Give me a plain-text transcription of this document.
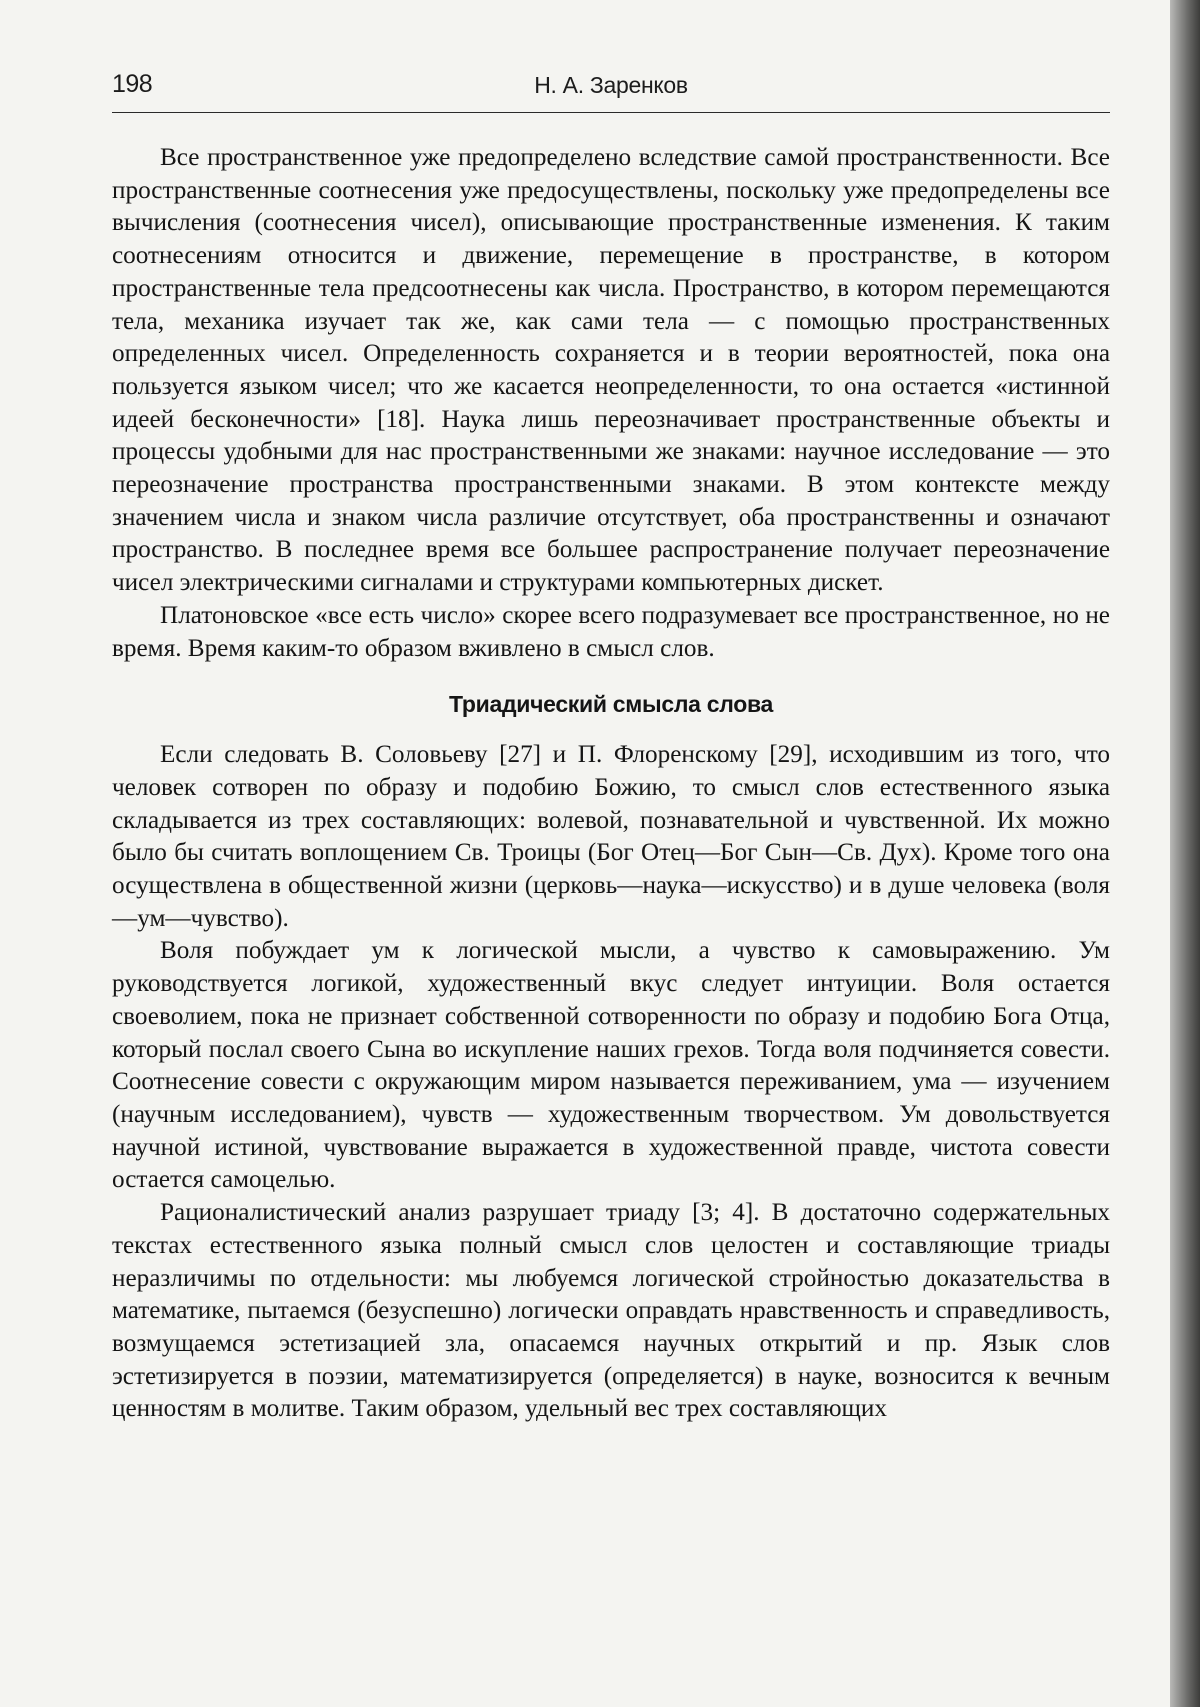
198	Н. А. Заренков

Все пространственное уже предопределено вследствие самой простран­ственности. Все пространственные соотнесения уже предосуществлены, поскольку уже предопределены все вычисления (соотнесения чисел), опи­сывающие пространственные изменения. К таким соотнесениям относится и движение, перемещение в пространстве, в котором пространственные тела предсоотнесены как числа. Пространство, в котором перемещаются тела, механика изучает так же, как сами тела — с помощью простран­ственных определенных чисел. Определенность сохраняется и в теории вероятностей, пока она пользуется языком чисел; что же касается неопре­деленности, то она остается «истинной идеей бесконечности» [18]. Наука лишь переозначивает пространственные объекты и процессы удобными для нас пространственными же знаками: научное исследование — это пе­реозначение пространства пространственными знаками. В этом контексте между значением числа и знаком числа различие отсутствует, оба про­странственны и означают пространство. В последнее время все большее распространение получает переозначение чисел электрическими сигналами и структурами компьютерных дискет.

Платоновское «все есть число» скорее всего подразумевает все простран­ственное, но не время. Время каким-то образом вживлено в смысл слов.

Триадический смысла слова

Если следовать В. Соловьеву [27] и П. Флоренскому [29], исходившим из того, что человек сотворен по образу и подобию Божию, то смысл слов естественного языка складывается из трех составляющих: волевой, познавательной и чувственной. Их можно было бы считать воплощением Св. Троицы (Бог Отец—Бог Сын—Св. Дух). Кроме того она осуществлена в общественной жизни (церковь—наука—искусство) и в душе человека (воля—ум—чувство).

Воля побуждает ум к логической мысли, а чувство к самовыраже­нию. Ум руководствуется логикой, художественный вкус следует интуиции. Воля остается своеволием, пока не признает собственной сотворенности по образу и подобию Бога Отца, который послал своего Сына во искуп­ление наших грехов. Тогда воля подчиняется совести. Соотнесение сове­сти с окружающим миром называется переживанием, ума — изучением (научным исследованием), чувств — художественным творчеством. Ум до­вольствуется научной истиной, чувствование выражается в художественной правде, чистота совести остается самоцелью.

Рационалистический анализ разрушает триаду [3; 4]. В достаточно со­держательных текстах естественного языка полный смысл слов целостен и составляющие триады неразличимы по отдельности: мы любуемся логи­ческой стройностью доказательства в математике, пытаемся (безуспешно) логически оправдать нравственность и справедливость, возмущаемся эсте­тизацией зла, опасаемся научных открытий и пр. Язык слов эстетизируется в поэзии, математизируется (определяется) в науке, возносится к вечным ценностям в молитве. Таким образом, удельный вес трех составляющих
